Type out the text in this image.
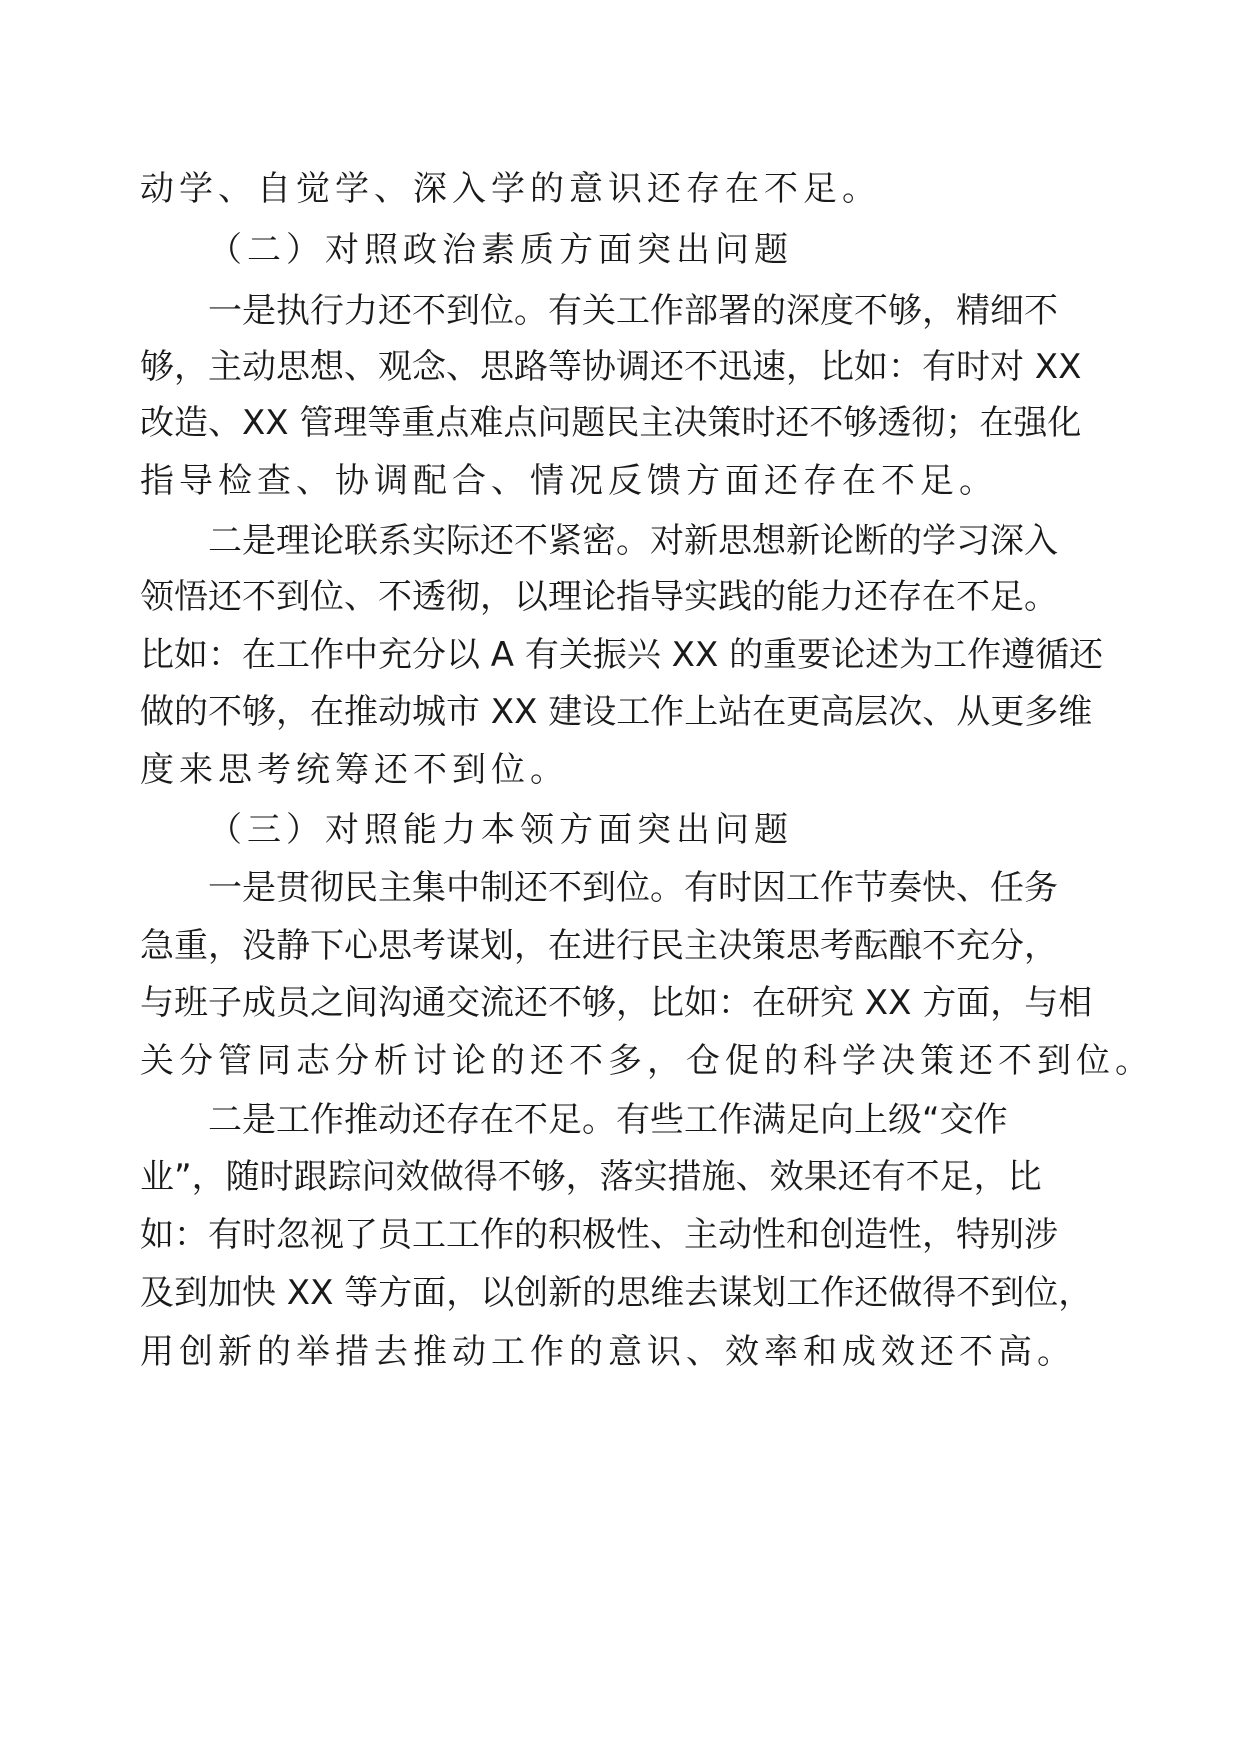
动学、自觉学、深入学的意识还存在不足。

（二）对照政治素质方面突出问题

一是执行力还不到位。有关工作部署的深度不够，精细不

够，主动思想、观念、思路等协调还不迅速，比如：有时对 XX

改造、XX 管理等重点难点问题民主决策时还不够透彻；在强化

指导检查、协调配合、情况反馈方面还存在不足。

二是理论联系实际还不紧密。对新思想新论断的学习深入

领悟还不到位、不透彻，以理论指导实践的能力还存在不足。

比如：在工作中充分以 A 有关振兴 XX 的重要论述为工作遵循还

做的不够，在推动城市 XX 建设工作上站在更高层次、从更多维

度来思考统筹还不到位。

（三）对照能力本领方面突出问题

一是贯彻民主集中制还不到位。有时因工作节奏快、任务

急重，没静下心思考谋划，在进行民主决策思考酝酿不充分，

与班子成员之间沟通交流还不够，比如：在研究 XX 方面，与相

关分管同志分析讨论的还不多，仓促的科学决策还不到位。

二是工作推动还存在不足。有些工作满足向上级“交作

业”，随时跟踪问效做得不够，落实措施、效果还有不足，比

如：有时忽视了员工工作的积极性、主动性和创造性，特别涉

及到加快 XX 等方面，以创新的思维去谋划工作还做得不到位，

用创新的举措去推动工作的意识、效率和成效还不高。
